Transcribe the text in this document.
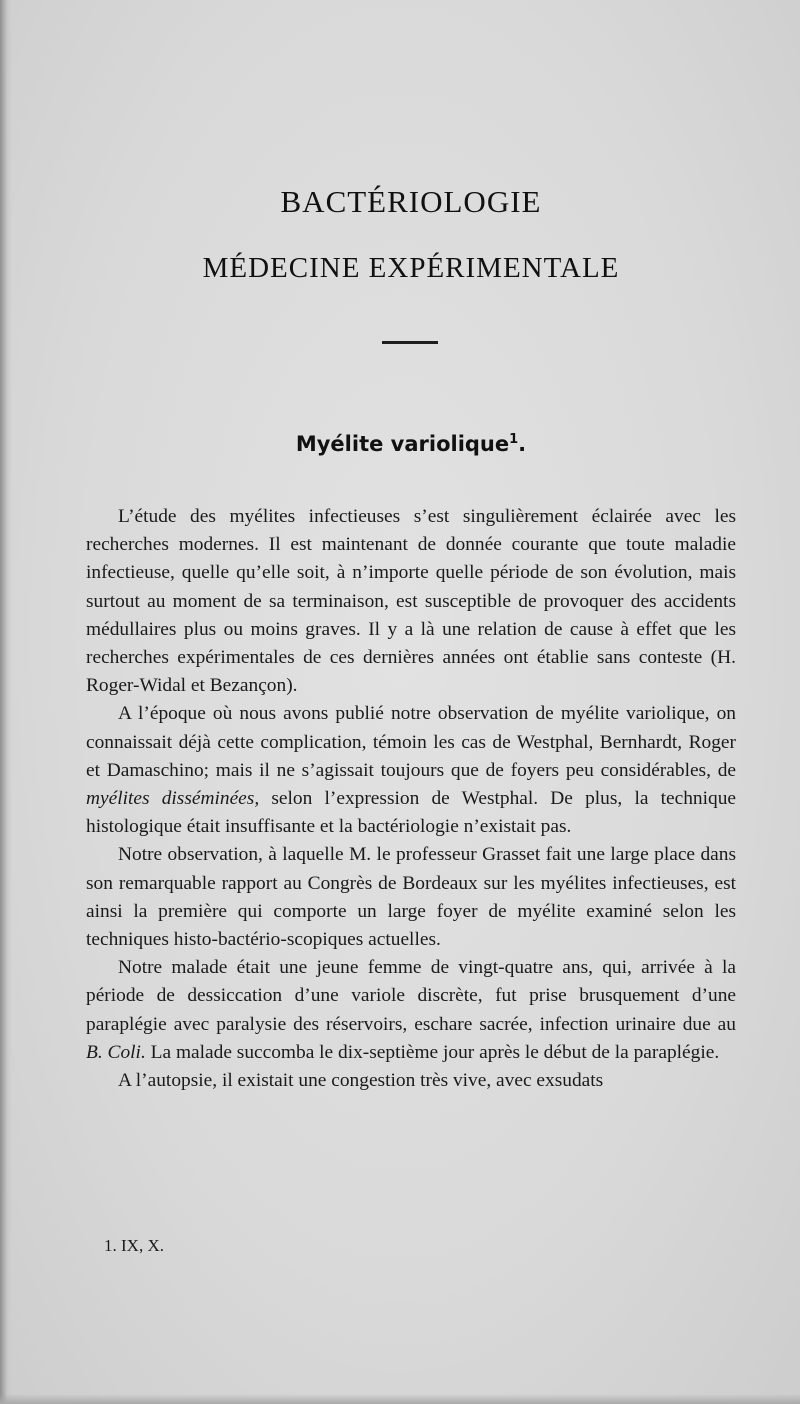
BACTÉRIOLOGIE
MÉDECINE EXPÉRIMENTALE
Myélite variolique$^1$.

L’étude des myélites infectieuses s’est singulièrement éclairée avec les recherches modernes. Il est maintenant de donnée courante que toute maladie infectieuse, quelle qu’elle soit, à n’importe quelle période de son évolution, mais surtout au moment de sa terminaison, est susceptible de provoquer des accidents médullaires plus ou moins graves. Il y a là une relation de cause à effet que les recherches expérimentales de ces dernières années ont établie sans conteste (H. Roger-Widal et Bezançon).

A l’époque où nous avons publié notre observation de myélite variolique, on connaissait déjà cette complication, témoin les cas de Westphal, Bernhardt, Roger et Damaschino; mais il ne s’agissait toujours que de foyers peu considérables, de myélites disséminées, selon l’expression de Westphal. De plus, la technique histologique était insuffisante et la bactériologie n’existait pas.

Notre observation, à laquelle M. le professeur Grasset fait une large place dans son remarquable rapport au Congrès de Bordeaux sur les myélites infectieuses, est ainsi la première qui comporte un large foyer de myélite examiné selon les techniques histo-bactério-scopiques actuelles.

Notre malade était une jeune femme de vingt-quatre ans, qui, arrivée à la période de dessiccation d’une variole discrète, fut prise brusquement d’une paraplégie avec paralysie des réservoirs, eschare sacrée, infection urinaire due au B. Coli. La malade succomba le dix-septième jour après le début de la paraplégie.

A l’autopsie, il existait une congestion très vive, avec exsudats

1. IX, X.
